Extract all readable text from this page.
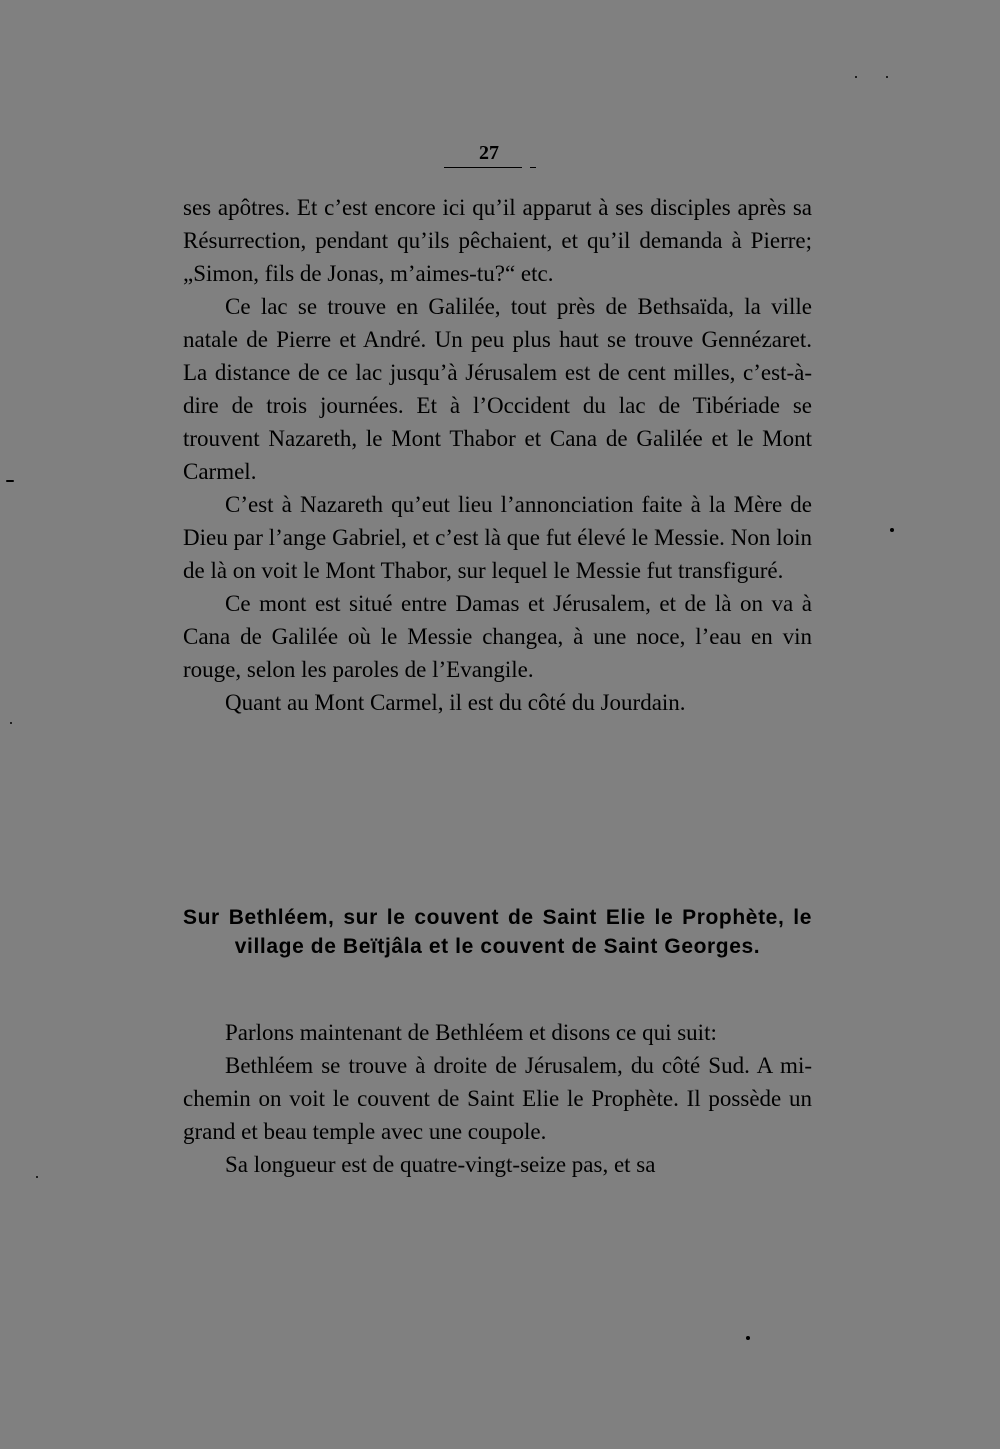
27

ses apôtres. Et c’est encore ici qu’il apparut à ses disciples après sa Résurrection, pendant qu’ils pêchaient, et qu’il demanda à Pierre; „Simon, fils de Jonas, m’aimes-tu?“ etc.

Ce lac se trouve en Galilée, tout près de Bethsaïda, la ville natale de Pierre et André. Un peu plus haut se trouve Gennézaret. La distance de ce lac jusqu’à Jérusalem est de cent milles, c’est-à-dire de trois journées. Et à l’Occident du lac de Tibériade se trouvent Nazareth, le Mont Thabor et Cana de Galilée et le Mont Carmel.

C’est à Nazareth qu’eut lieu l’annonciation faite à la Mère de Dieu par l’ange Gabriel, et c’est là que fut élevé le Messie. Non loin de là on voit le Mont Thabor, sur lequel le Messie fut transfiguré.

Ce mont est situé entre Damas et Jérusalem, et de là on va à Cana de Galilée où le Messie changea, à une noce, l’eau en vin rouge, selon les paroles de l’Evangile.

Quant au Mont Carmel, il est du côté du Jourdain.

Sur Bethléem, sur le couvent de Saint Elie le Prophète, le village de Beïtjâla et le couvent de Saint Georges.

Parlons maintenant de Bethléem et disons ce qui suit:

Bethléem se trouve à droite de Jérusalem, du côté Sud. A mi-chemin on voit le couvent de Saint Elie le Prophète. Il possède un grand et beau temple avec une coupole.

Sa longueur est de quatre-vingt-seize pas, et sa
